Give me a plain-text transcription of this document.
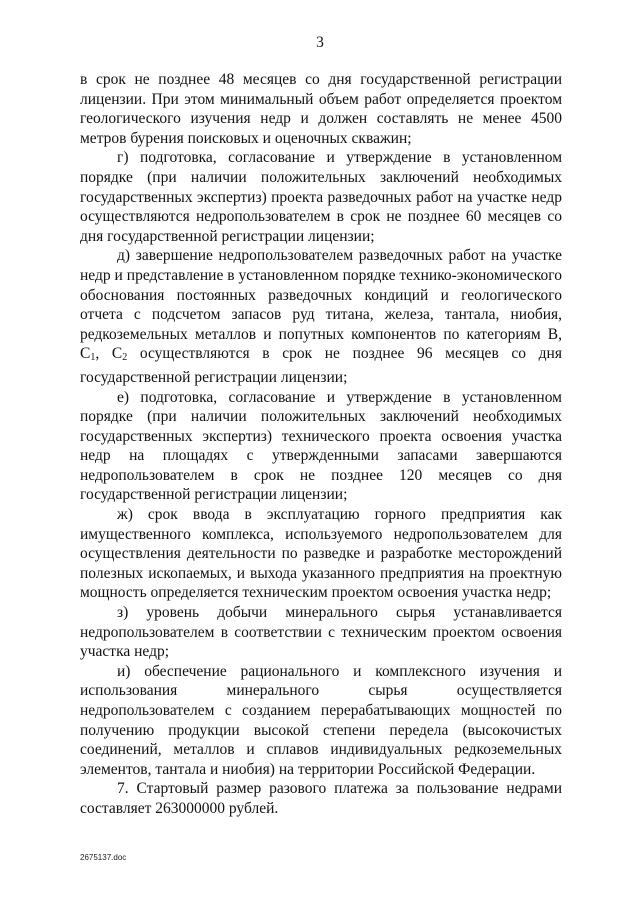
3

в срок не позднее 48 месяцев со дня государственной регистрации лицензии. При этом минимальный объем работ определяется проектом геологического изучения недр и должен составлять не менее 4500 метров бурения поисковых и оценочных скважин;

г) подготовка, согласование и утверждение в установленном порядке (при наличии положительных заключений необходимых государственных экспертиз) проекта разведочных работ на участке недр осуществляются недропользователем в срок не позднее 60 месяцев со дня государственной регистрации лицензии;

д) завершение недропользователем разведочных работ на участке недр и представление в установленном порядке технико-экономического обоснования постоянных разведочных кондиций и геологического отчета с подсчетом запасов руд титана, железа, тантала, ниобия, редкоземельных металлов и попутных компонентов по категориям B, $C_1$, $C_2$ осуществляются в срок не позднее 96 месяцев со дня государственной регистрации лицензии;

е) подготовка, согласование и утверждение в установленном порядке (при наличии положительных заключений необходимых государственных экспертиз) технического проекта освоения участка недр на площадях с утвержденными запасами завершаются недропользователем в срок не позднее 120 месяцев со дня государственной регистрации лицензии;

ж) срок ввода в эксплуатацию горного предприятия как имущественного комплекса, используемого недропользователем для осуществления деятельности по разведке и разработке месторождений полезных ископаемых, и выхода указанного предприятия на проектную мощность определяется техническим проектом освоения участка недр;

з) уровень добычи минерального сырья устанавливается недропользователем в соответствии с техническим проектом освоения участка недр;

и) обеспечение рационального и комплексного изучения и использования минерального сырья осуществляется недропользователем с созданием перерабатывающих мощностей по получению продукции высокой степени передела (высокочистых соединений, металлов и сплавов индивидуальных редкоземельных элементов, тантала и ниобия) на территории Российской Федерации.

7. Стартовый размер разового платежа за пользование недрами составляет 263000000 рублей.

2675137.doc
